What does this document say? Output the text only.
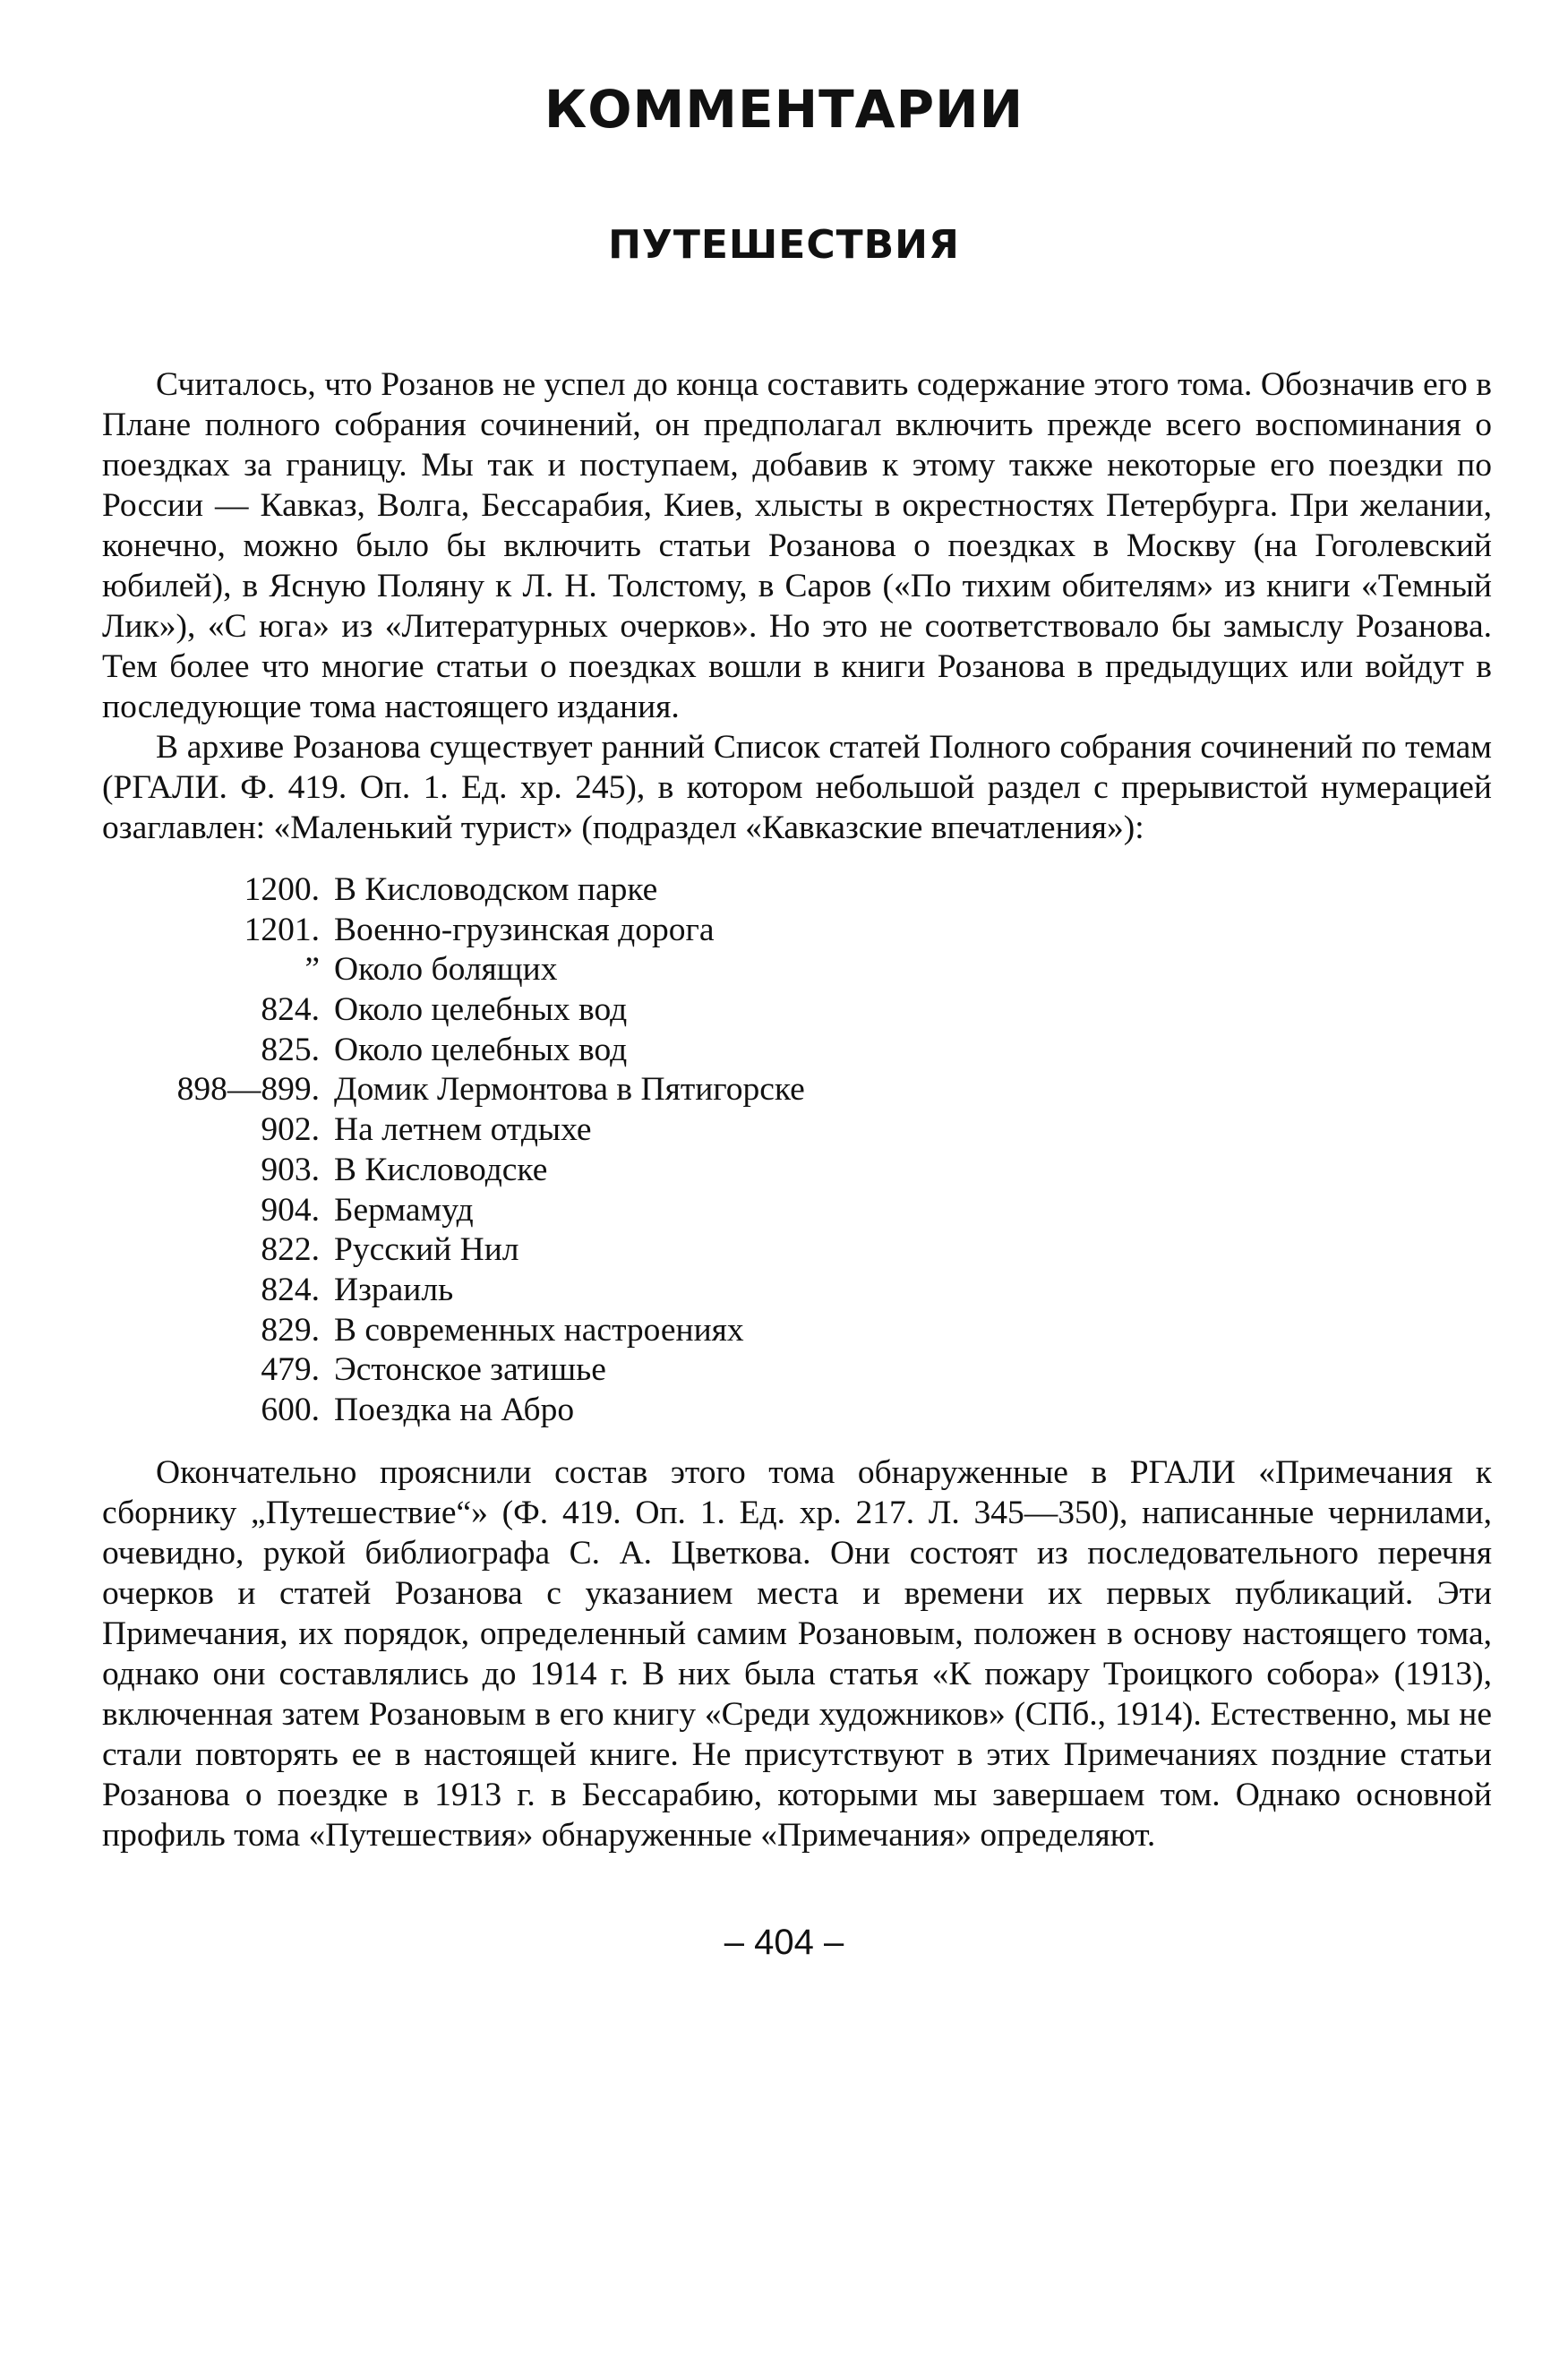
КОММЕНТАРИИ
ПУТЕШЕСТВИЯ

Считалось, что Розанов не успел до конца составить содержание этого тома. Обозначив его в Плане полного собрания сочинений, он предполагал включить прежде всего воспоминания о поездках за границу. Мы так и поступаем, добавив к этому также некоторые его поездки по России — Кавказ, Волга, Бессарабия, Киев, хлысты в окрестностях Петербурга. При желании, конечно, можно было бы включить статьи Розанова о поездках в Москву (на Гоголевский юбилей), в Ясную Поляну к Л. Н. Толстому, в Саров («По тихим обителям» из книги «Темный Лик»), «С юга» из «Литературных очерков». Но это не соответствовало бы замыслу Розанова. Тем более что многие статьи о поездках вошли в книги Розанова в предыдущих или войдут в последующие тома настоящего издания.

В архиве Розанова существует ранний Список статей Полного собрания сочинений по темам (РГАЛИ. Ф. 419. Оп. 1. Ед. хр. 245), в котором небольшой раздел с прерывистой нумерацией озаглавлен: «Маленький турист» (подраздел «Кавказские впечатления»):

1200. В Кисловодском парке
1201. Военно-грузинская дорога
” Около болящих
824. Около целебных вод
825. Около целебных вод
898—899. Домик Лермонтова в Пятигорске
902. На летнем отдыхе
903. В Кисловодске
904. Бермамуд
822. Русский Нил
824. Израиль
829. В современных настроениях
479. Эстонское затишье
600. Поездка на Абро

Окончательно прояснили состав этого тома обнаруженные в РГАЛИ «Примечания к сборнику „Путешествие“» (Ф. 419. Оп. 1. Ед. хр. 217. Л. 345—350), написанные чернилами, очевидно, рукой библиографа С. А. Цветкова. Они состоят из последовательного перечня очерков и статей Розанова с указанием места и времени их первых публикаций. Эти Примечания, их порядок, определенный самим Розановым, положен в основу настоящего тома, однако они составлялись до 1914 г. В них была статья «К пожару Троицкого собора» (1913), включенная затем Розановым в его книгу «Среди художников» (СПб., 1914). Естественно, мы не стали повторять ее в настоящей книге. Не присутствуют в этих Примечаниях поздние статьи Розанова о поездке в 1913 г. в Бессарабию, которыми мы завершаем том. Однако основной профиль тома «Путешествия» обнаруженные «Примечания» определяют.

– 404 –
